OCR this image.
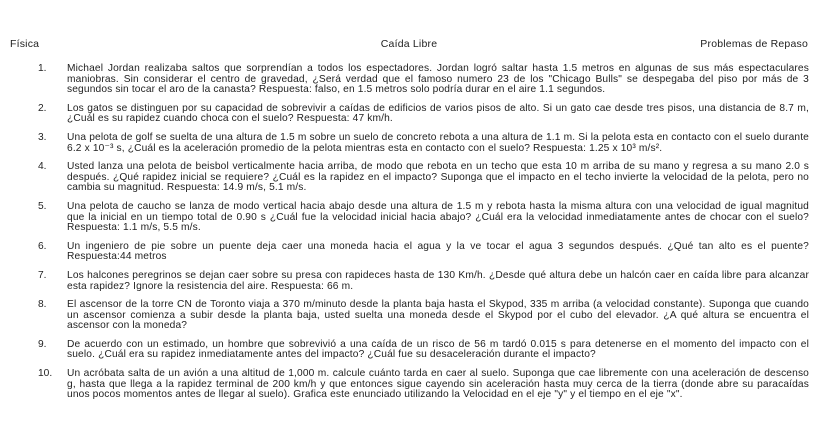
Física	Caída Libre	Problemas de Repaso
1. Michael Jordan realizaba saltos que sorprendían a todos los espectadores. Jordan logró saltar hasta 1.5 metros en algunas de sus más espectaculares maniobras. Sin considerar el centro de gravedad, ¿Será verdad que el famoso numero 23 de los "Chicago Bulls" se despegaba del piso por más de 3 segundos sin tocar el aro de la canasta? Respuesta: falso, en 1.5 metros solo podría durar en el aire 1.1 segundos.
2. Los gatos se distinguen por su capacidad de sobrevivir a caídas de edificios de varios pisos de alto. Si un gato cae desde tres pisos, una distancia de 8.7 m, ¿Cuál es su rapidez cuando choca con el suelo? Respuesta: 47 km/h.
3. Una pelota de golf se suelta de una altura de 1.5 m sobre un suelo de concreto rebota a una altura de 1.1 m. Si la pelota esta en contacto con el suelo durante 6.2 x 10⁻³ s, ¿Cuál es la aceleración promedio de la pelota mientras esta en contacto con el suelo? Respuesta: 1.25 x 10³ m/s².
4. Usted lanza una pelota de beisbol verticalmente hacia arriba, de modo que rebota en un techo que esta 10 m arriba de su mano y regresa a su mano 2.0 s después. ¿Qué rapidez inicial se requiere? ¿Cuál es la rapidez en el impacto? Suponga que el impacto en el techo invierte la velocidad de la pelota, pero no cambia su magnitud. Respuesta: 14.9 m/s, 5.1 m/s.
5. Una pelota de caucho se lanza de modo vertical hacia abajo desde una altura de 1.5 m y rebota hasta la misma altura con una velocidad de igual magnitud que la inicial en un tiempo total de 0.90 s ¿Cuál fue la velocidad inicial hacia abajo? ¿Cuál era la velocidad inmediatamente antes de chocar con el suelo? Respuesta: 1.1 m/s, 5.5 m/s.
6. Un ingeniero de pie sobre un puente deja caer una moneda hacia el agua y la ve tocar el agua 3 segundos después. ¿Qué tan alto es el puente? Respuesta:44 metros
7. Los halcones peregrinos se dejan caer sobre su presa con rapideces hasta de 130 Km/h. ¿Desde qué altura debe un halcón caer en caída libre para alcanzar esta rapidez? Ignore la resistencia del aire. Respuesta: 66 m.
8. El ascensor de la torre CN de Toronto viaja a 370 m/minuto desde la planta baja hasta el Skypod, 335 m arriba (a velocidad constante). Suponga que cuando un ascensor comienza a subir desde la planta baja, usted suelta una moneda desde el Skypod por el cubo del elevador. ¿A qué altura se encuentra el ascensor con la moneda?
9. De acuerdo con un estimado, un hombre que sobrevivió a una caída de un risco de 56 m tardó 0.015 s para detenerse en el momento del impacto con el suelo. ¿Cuál era su rapidez inmediatamente antes del impacto? ¿Cuál fue su desaceleración durante el impacto?
10. Un acróbata salta de un avión a una altitud de 1,000 m. calcule cuánto tarda en caer al suelo. Suponga que cae libremente con una aceleración de descenso g, hasta que llega a la rapidez terminal de 200 km/h y que entonces sigue cayendo sin aceleración hasta muy cerca de la tierra (donde abre su paracaídas unos pocos momentos antes de llegar al suelo). Grafica este enunciado utilizando la Velocidad en el eje "y" y el tiempo en el eje "x".
